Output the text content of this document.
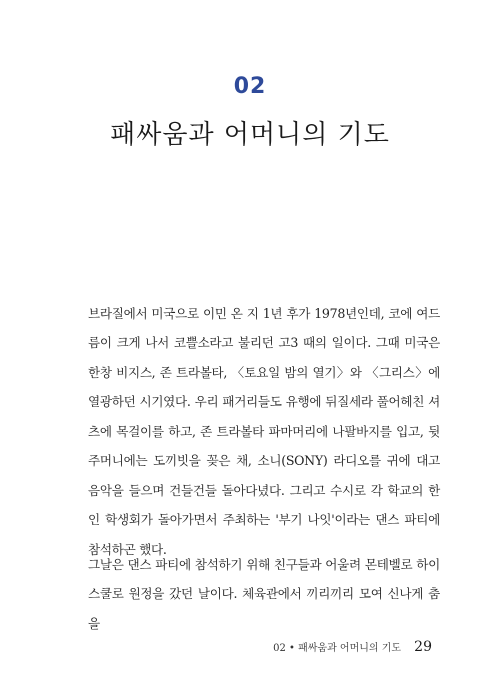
02
패싸움과 어머니의 기도

브라질에서 미국으로 이민 온 지 1년 후가 1978년인데, 코에 여드름이 크게 나서 코쁠소라고 불리던 고3 때의 일이다. 그때 미국은 한창 비지스, 존 트라볼타, 〈토요일 밤의 열기〉와 〈그리스〉에 열광하던 시기였다. 우리 패거리들도 유행에 뒤질세라 풀어헤친 셔츠에 목걸이를 하고, 존 트라볼타 파마머리에 나팔바지를 입고, 뒷 주머니에는 도끼빗을 꽂은 채, 소니(SONY) 라디오를 귀에 대고 음악을 들으며 건들건들 돌아다녔다. 그리고 수시로 각 학교의 한인 학생회가 돌아가면서 주최하는 '부기 나잇'이라는 댄스 파티에 참석하곤 했다.

그날은 댄스 파티에 참석하기 위해 친구들과 어울려 몬테벨로 하이스쿨로 원정을 갔던 날이다. 체육관에서 끼리끼리 모여 신나게 춤을

02 • 패싸움과 어머니의 기도 29
